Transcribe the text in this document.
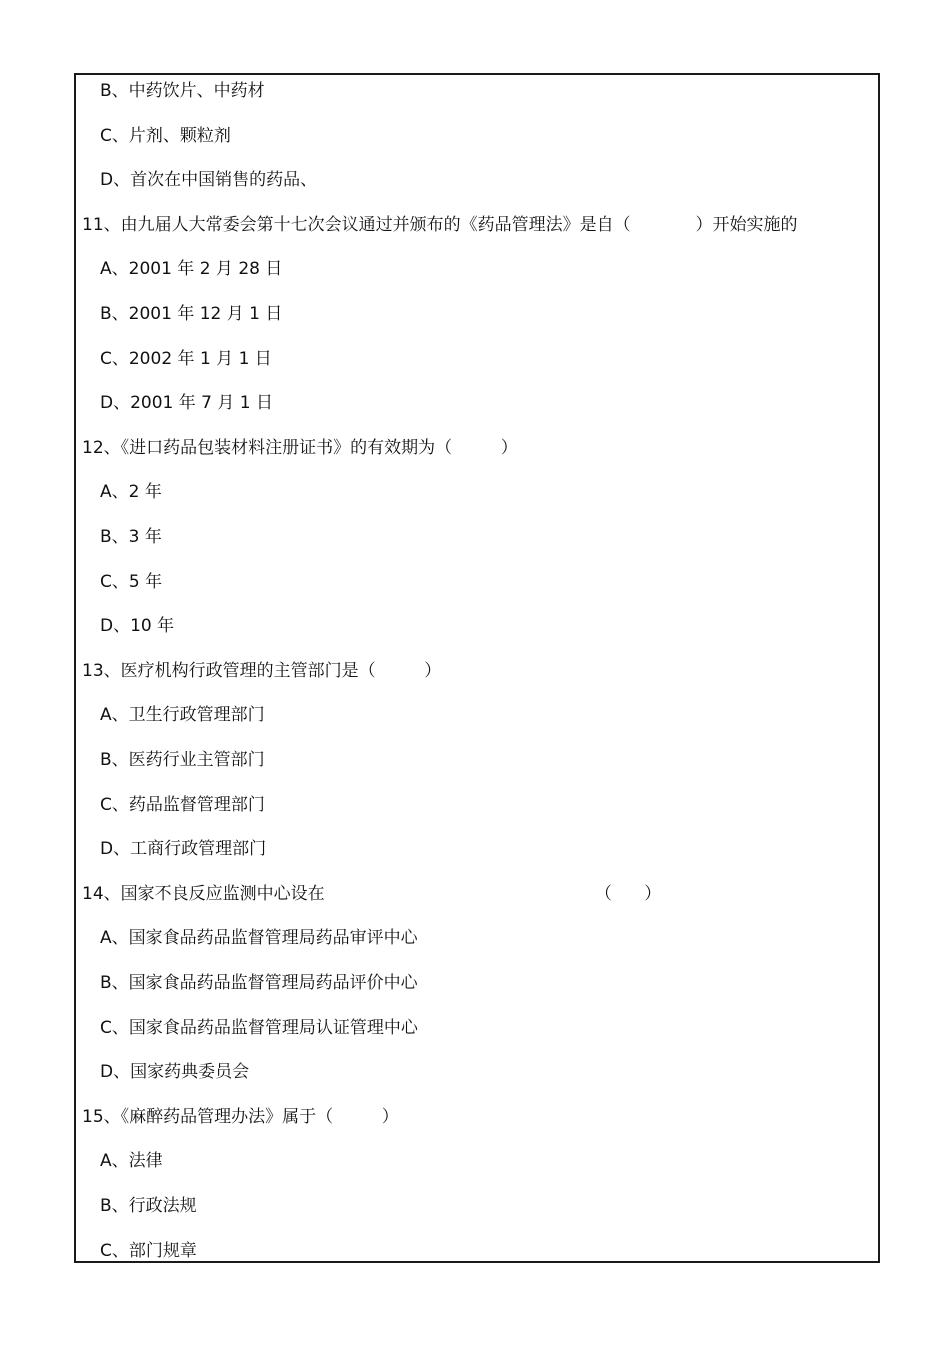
B、中药饮片、中药材
C、片剂、颗粒剂
D、首次在中国销售的药品、
11、由九届人大常委会第十七次会议通过并颁布的《药品管理法》是自（            ）开始实施的
A、2001 年 2 月 28 日
B、2001 年 12 月 1 日
C、2002 年 1 月 1 日
D、2001 年 7 月 1 日
12、《进口药品包装材料注册证书》的有效期为（         ）
A、2 年
B、3 年
C、5 年
D、10 年
13、医疗机构行政管理的主管部门是（         ）
A、卫生行政管理部门
B、医药行业主管部门
C、药品监督管理部门
D、工商行政管理部门
14、国家不良反应监测中心设在                                                  （      ）
A、国家食品药品监督管理局药品审评中心
B、国家食品药品监督管理局药品评价中心
C、国家食品药品监督管理局认证管理中心
D、国家药典委员会
15、《麻醉药品管理办法》属于（         ）
A、法律
B、行政法规
C、部门规章
